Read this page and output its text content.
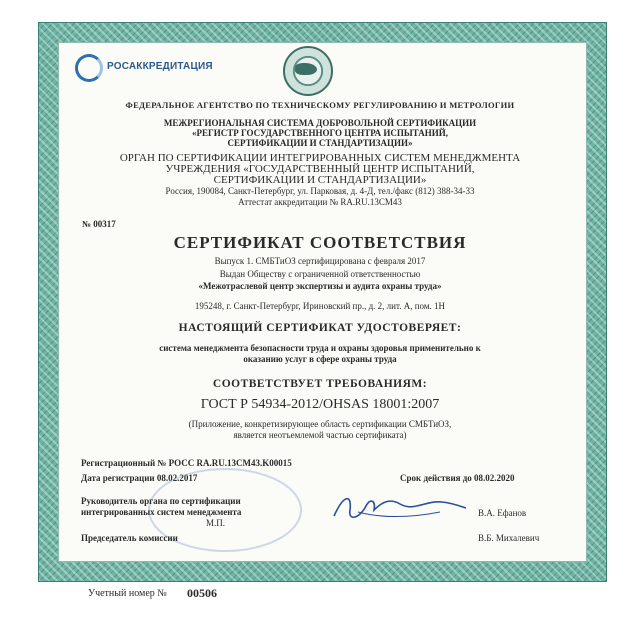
РОСАККРЕДИТАЦИЯ
ФЕДЕРАЛЬНОЕ АГЕНТСТВО ПО ТЕХНИЧЕСКОМУ РЕГУЛИРОВАНИЮ И МЕТРОЛОГИИ
МЕЖРЕГИОНАЛЬНАЯ СИСТЕМА ДОБРОВОЛЬНОЙ СЕРТИФИКАЦИИ
«РЕГИСТР ГОСУДАРСТВЕННОГО ЦЕНТРА ИСПЫТАНИЙ,
СЕРТИФИКАЦИИ И СТАНДАРТИЗАЦИИ»
ОРГАН ПО СЕРТИФИКАЦИИ ИНТЕГРИРОВАННЫХ СИСТЕМ МЕНЕДЖМЕНТА
УЧРЕЖДЕНИЯ «ГОСУДАРСТВЕННЫЙ ЦЕНТР ИСПЫТАНИЙ,
СЕРТИФИКАЦИИ И СТАНДАРТИЗАЦИИ»
Россия, 190084, Санкт-Петербург, ул. Парковая, д. 4-Д, тел./факс (812) 388-34-33
Аттестат аккредитации № RA.RU.13CM43
№ 00317
СЕРТИФИКАТ СООТВЕТСТВИЯ
Выпуск 1. СМБТиОЗ сертифицирована с февраля 2017
Выдан Обществу с ограниченной ответственностью
«Межотраслевой центр экспертизы и аудита охраны труда»
195248, г. Санкт-Петербург, Ириновский пр., д. 2, лит. А, пом. 1Н
НАСТОЯЩИЙ СЕРТИФИКАТ УДОСТОВЕРЯЕТ:
система менеджмента безопасности труда и охраны здоровья применительно к
оказанию услуг в сфере охраны труда
СООТВЕТСТВУЕТ ТРЕБОВАНИЯМ:
ГОСТ Р 54934-2012/OHSAS 18001:2007
(Приложение, конкретизирующее область сертификации СМБТиОЗ,
является неотъемлемой частью сертификата)
Регистрационный № РОСС RA.RU.13CM43.K00015
Дата регистрации 08.02.2017	Срок действия до 08.02.2020
Руководитель органа по сертификации
интегрированных систем менеджмента
М.П.
В.А. Ефанов
Председатель комиссии	В.Б. Михалевич
Учетный номер № 00506
